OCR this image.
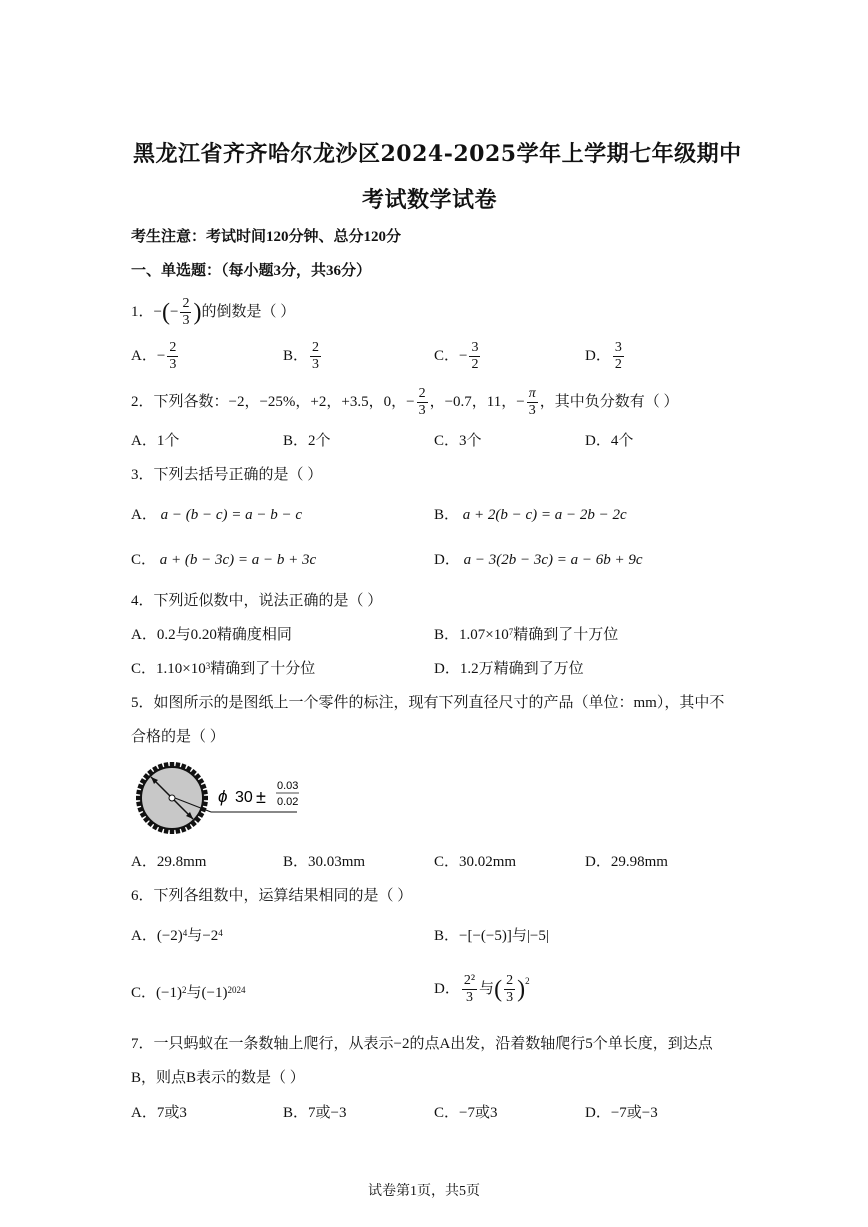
黑龙江省齐齐哈尔龙沙区2024-2025学年上学期七年级期中
考试数学试卷
考生注意：考试时间120分钟、总分120分
一、单选题：（每小题3分，共36分）
1．−(− $\frac{2}{3}$ )的倒数是（ ）
A．− $\frac{2}{3}$	B． $\frac{2}{3}$	C．− $\frac{3}{2}$	D． $\frac{3}{2}$
2．下列各数：−2，−25%，+2，+3.5，0，− $\frac{2}{3}$ ，−0.7，11，− $\frac{\pi}{3}$ ，其中负分数有（ ）
A．1个	B．2个	C．3个	D．4个
3．下列去括号正确的是（ ）
A． a − (b − c) = a − b − c	B． a + 2(b − c) = a − 2b − 2c
C． a + (b − 3c) = a − b + 3c	D． a − 3(2b − 3c) = a − 6b + 9c
4．下列近似数中，说法正确的是（ ）
A．0.2与0.20精确度相同	B．$1.07\times 10^7$精确到了十万位
C．$1.10\times 10^3$精确到了十分位	D．1.2万精确到了万位
5．如图所示的是图纸上一个零件的标注，现有下列直径尺寸的产品（单位：mm），其中不
合格的是（ ）
ϕ 30 ±
0.03
0.02
A．29.8mm	B．30.03mm	C．30.02mm	D．29.98mm
6．下列各组数中，运算结果相同的是（ ）
A．$(-2)^4$与$-2^4$	B．−[−(−5)]与|−5|
C．$(-1)^2$与$(-1)^{2024}$	D． $\frac{\text{2²}}{3}$ 与( $\frac{2}{3} )^2$
7．一只蚂蚁在一条数轴上爬行，从表示−2的点A出发，沿着数轴爬行5个单长度，到达点
B，则点B表示的数是（ ）
A．7或3	B．7或−3	C．−7或3	D．−7或−3
试卷第1页，共5页
